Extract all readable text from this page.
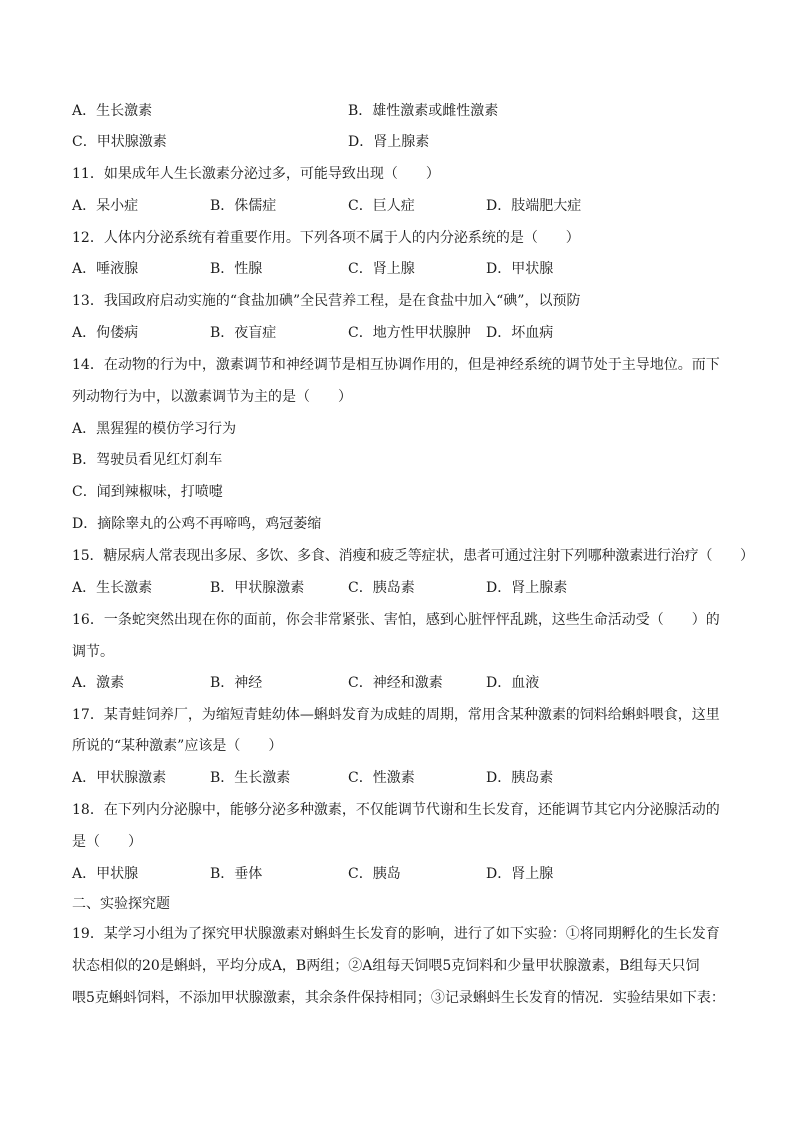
A．生长激素	B．雄性激素或雌性激素
C．甲状腺激素	D．肾上腺素
11．如果成年人生长激素分泌过多，可能导致出现（　　）
A．呆小症	B．侏儒症	C．巨人症	D．肢端肥大症
12．人体内分泌系统有着重要作用。下列各项不属于人的内分泌系统的是（　　）
A．唾液腺	B．性腺	C．肾上腺	D．甲状腺
13．我国政府启动实施的“食盐加碘”全民营养工程，是在食盐中加入“碘”，以预防
A．佝偻病	B．夜盲症	C．地方性甲状腺肿 D．坏血病
14．在动物的行为中，激素调节和神经调节是相互协调作用的，但是神经系统的调节处于主导地位。而下
列动物行为中，以激素调节为主的是（　　）
A．黑猩猩的模仿学习行为
B．驾驶员看见红灯刹车
C．闻到辣椒味，打喷嚏
D．摘除睾丸的公鸡不再啼鸣，鸡冠萎缩
15．糖尿病人常表现出多尿、多饮、多食、消瘦和疲乏等症状，患者可通过注射下列哪种激素进行治疗（　　）
A．生长激素	B．甲状腺激素	C．胰岛素	D．肾上腺素
16．一条蛇突然出现在你的面前，你会非常紧张、害怕，感到心脏怦怦乱跳，这些生命活动受（　　）的
调节。
A．激素	B．神经	C．神经和激素	D．血液
17．某青蛙饲养厂，为缩短青蛙幼体—蝌蚪发育为成蛙的周期，常用含某种激素的饲料给蝌蚪喂食，这里
所说的“某种激素”应该是（　　）
A．甲状腺激素	B．生长激素	C．性激素	D．胰岛素
18．在下列内分泌腺中，能够分泌多种激素，不仅能调节代谢和生长发育，还能调节其它内分泌腺活动的
是（　　）
A．甲状腺	B．垂体	C．胰岛	D．肾上腺
二、实验探究题
19．某学习小组为了探究甲状腺激素对蝌蚪生长发育的影响，进行了如下实验：①将同期孵化的生长发育
状态相似的20是蝌蚪，平均分成A，B两组；②A组每天饲喂5克饲料和少量甲状腺激素，B组每天只饲
喂5克蝌蚪饲料，不添加甲状腺激素，其余条件保持相同；③记录蝌蚪生长发育的情况．实验结果如下表：
